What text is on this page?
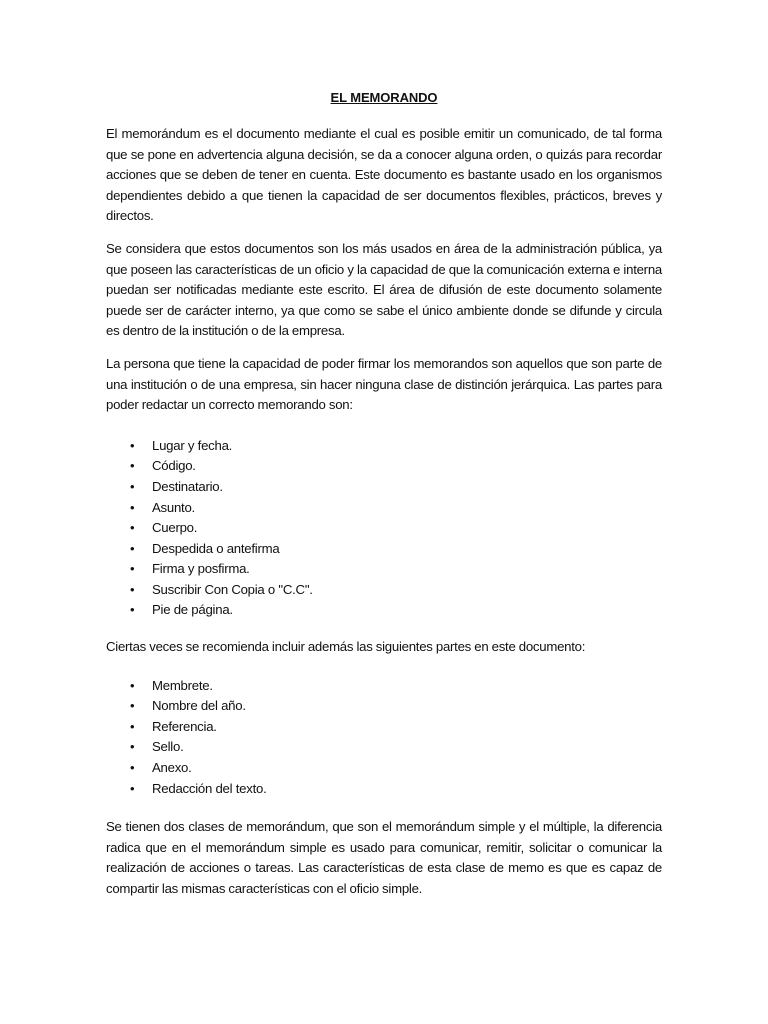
EL MEMORANDO

El memorándum es el documento mediante el cual es posible emitir un comunicado, de tal forma que se pone en advertencia alguna decisión, se da a conocer alguna orden, o quizás para recordar acciones que se deben de tener en cuenta. Este documento es bastante usado en los organismos dependientes debido a que tienen la capacidad de ser documentos flexibles, prácticos, breves y directos.

Se considera que estos documentos son los más usados en área de la administración pública, ya que poseen las características de un oficio y la capacidad de que la comunicación externa e interna puedan ser notificadas mediante este escrito. El área de difusión de este documento solamente puede ser de carácter interno, ya que como se sabe el único ambiente donde se difunde y circula es dentro de la institución o de la empresa.

La persona que tiene la capacidad de poder firmar los memorandos son aquellos que son parte de una institución o de una empresa, sin hacer ninguna clase de distinción jerárquica. Las partes para poder redactar un correcto memorando son:

• Lugar y fecha.
• Código.
• Destinatario.
• Asunto.
• Cuerpo.
• Despedida o antefirma
• Firma y posfirma.
• Suscribir Con Copia o "C.C".
• Pie de página.

Ciertas veces se recomienda incluir además las siguientes partes en este documento:

• Membrete.
• Nombre del año.
• Referencia.
• Sello.
• Anexo.
• Redacción del texto.

Se tienen dos clases de memorándum, que son el memorándum simple y el múltiple, la diferencia radica que en el memorándum simple es usado para comunicar, remitir, solicitar o comunicar la realización de acciones o tareas. Las características de esta clase de memo es que es capaz de compartir las mismas características con el oficio simple.
